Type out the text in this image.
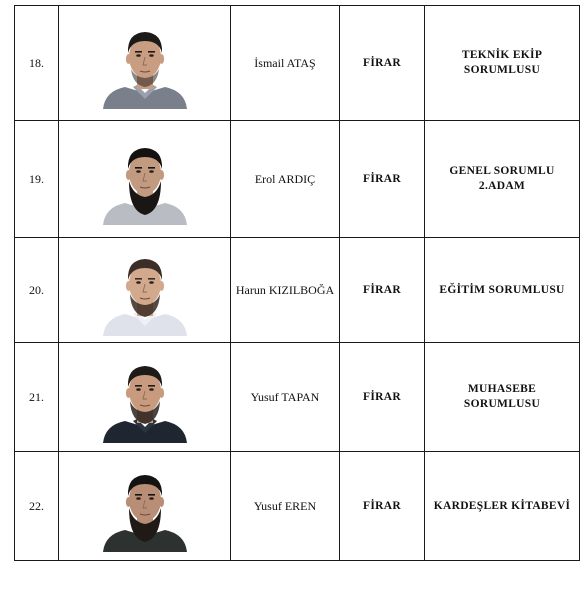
18.		İsmail ATAŞ	FİRAR	TEKNİK EKİP
SORUMLUSU
19.		Erol ARDIÇ	FİRAR	GENEL SORUMLU
2.ADAM
20.		Harun KIZILBOĞA	FİRAR	EĞİTİM SORUMLUSU
21.		Yusuf TAPAN	FİRAR	MUHASEBE
SORUMLUSU
22.		Yusuf EREN	FİRAR	KARDEŞLER KİTABEVİ
